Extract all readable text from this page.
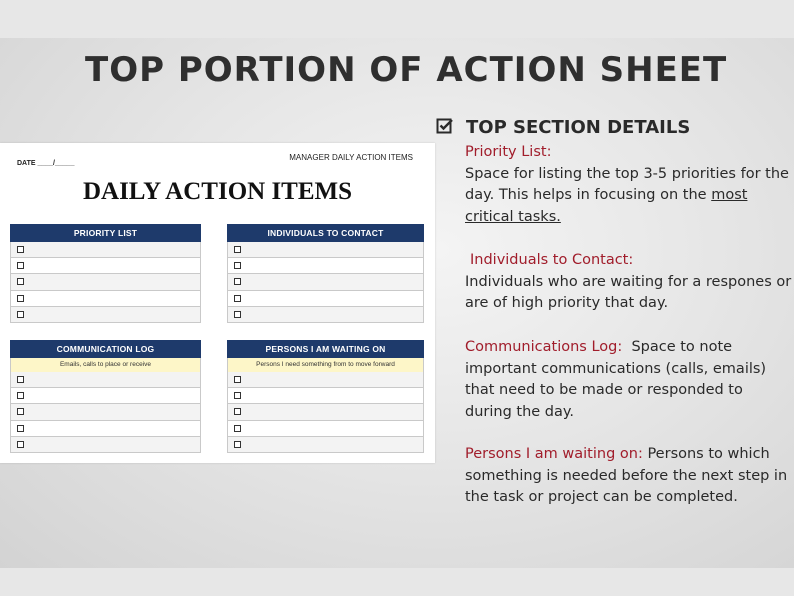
TOP PORTION OF ACTION SHEET
DATE ____/_____
MANAGER DAILY ACTION ITEMS
DAILY ACTION ITEMS
PRIORITY LIST	INDIVIDUALS TO CONTACT
COMMUNICATION LOG
Emails, calls to place or receive
PERSONS I AM WAITING ON
Persons I need something from to move forward
TOP SECTION DETAILS

Priority List:

Space for listing the top 3-5 priorities for the day. This helps in focusing on the most critical tasks.

Individuals to Contact:

Individuals who are waiting for a respones or are of high priority that day.

Communications Log: Space to note important communications (calls, emails) that need to be made or responded to during the day.

Persons I am waiting on: Persons to which something is needed before the next step in the task or project can be completed.
